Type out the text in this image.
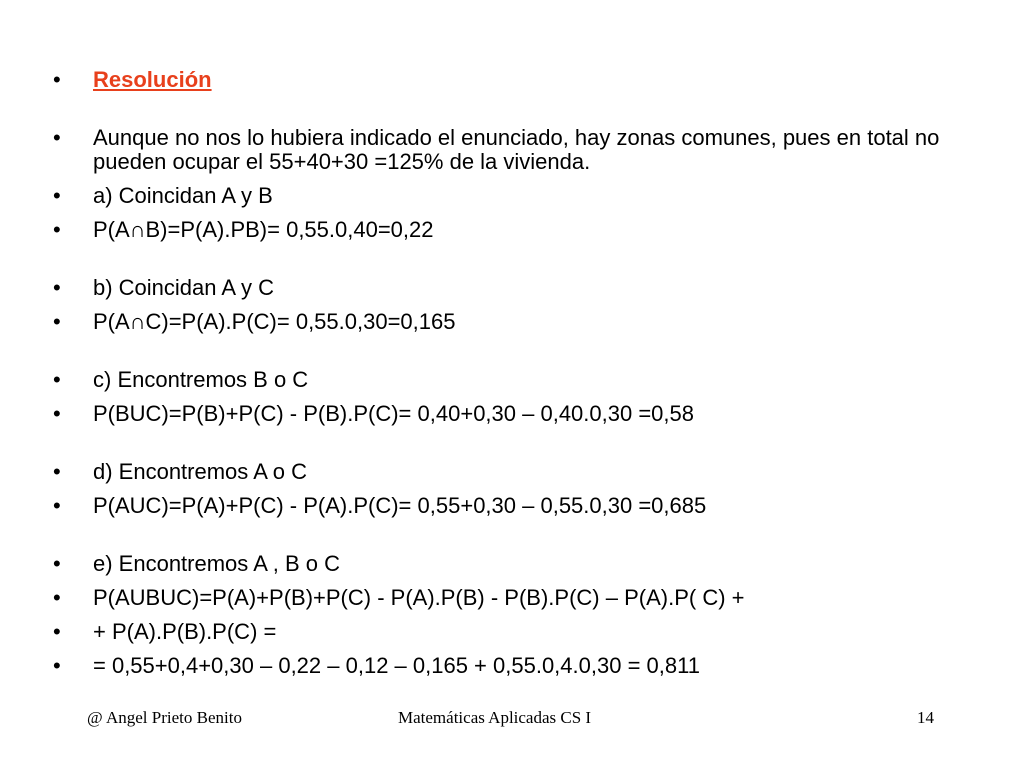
• Resolución
• Aunque no nos lo hubiera indicado el enunciado, hay zonas comunes, pues en total no pueden ocupar el 55+40+30 =125% de la vivienda.
• a) Coincidan A y B
• P(A∩B)=P(A).PB)= 0,55.0,40=0,22
• b) Coincidan A y C
• P(A∩C)=P(A).P(C)= 0,55.0,30=0,165
• c) Encontremos B o C
• P(BUC)=P(B)+P(C) - P(B).P(C)= 0,40+0,30 – 0,40.0,30 =0,58
• d) Encontremos A o C
• P(AUC)=P(A)+P(C) - P(A).P(C)= 0,55+0,30 – 0,55.0,30 =0,685
• e) Encontremos A , B o C
• P(AUBUC)=P(A)+P(B)+P(C) - P(A).P(B) - P(B).P(C) – P(A).P( C) +
• + P(A).P(B).P(C) =
• = 0,55+0,4+0,30 – 0,22 – 0,12 – 0,165 + 0,55.0,4.0,30 = 0,811
@ Angel Prieto Benito	Matemáticas Aplicadas CS I	14
